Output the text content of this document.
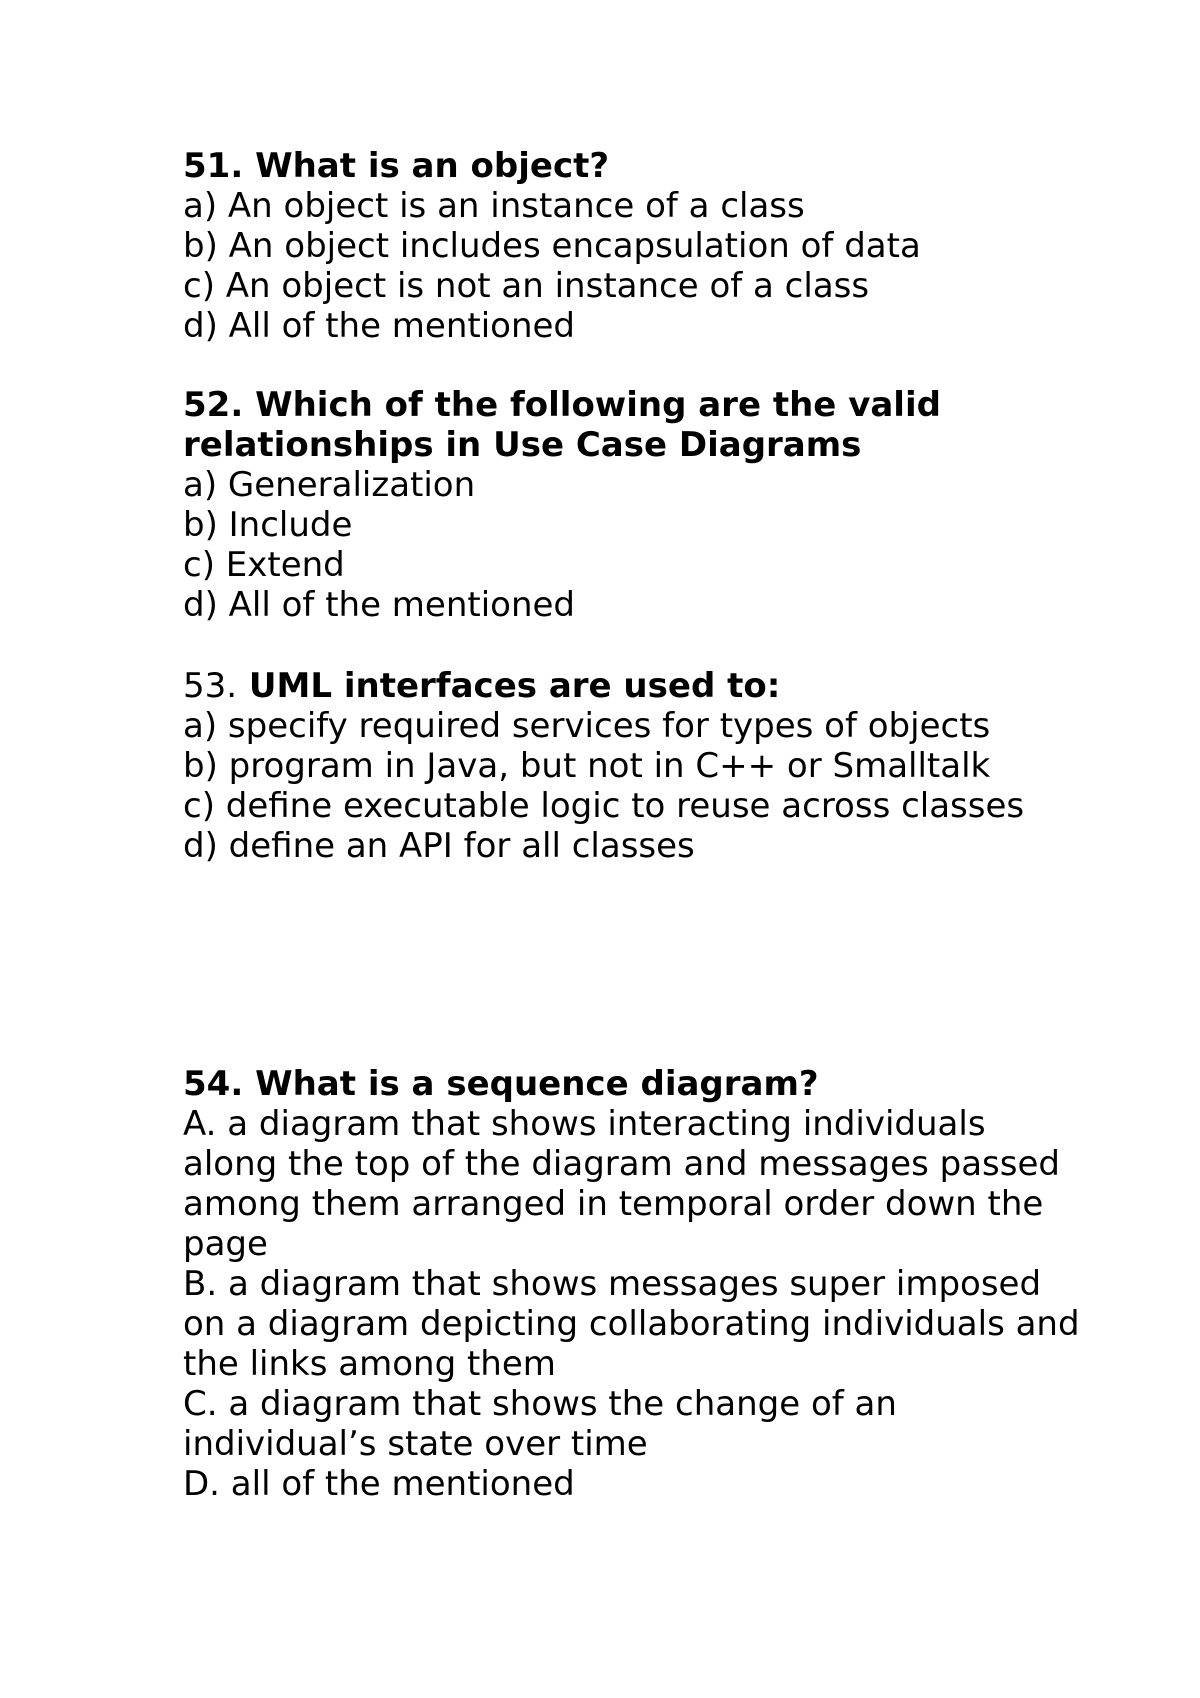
51. What is an object?

a) An object is an instance of a class

b) An object includes encapsulation of data

c) An object is not an instance of a class

d) All of the mentioned

52. Which of the following are the valid relationships in Use Case Diagrams

a) Generalization

b) Include

c) Extend

d) All of the mentioned

53. UML interfaces are used to:

a) specify required services for types of objects

b) program in Java, but not in C++ or Smalltalk

c) define executable logic to reuse across classes

d) define an API for all classes

54. What is a sequence diagram?

A. a diagram that shows interacting individuals along the top of the diagram and messages passed among them arranged in temporal order down the page

B. a diagram that shows messages super imposed on a diagram depicting collaborating individuals and the links among them

C. a diagram that shows the change of an individual’s state over time

D. all of the mentioned
